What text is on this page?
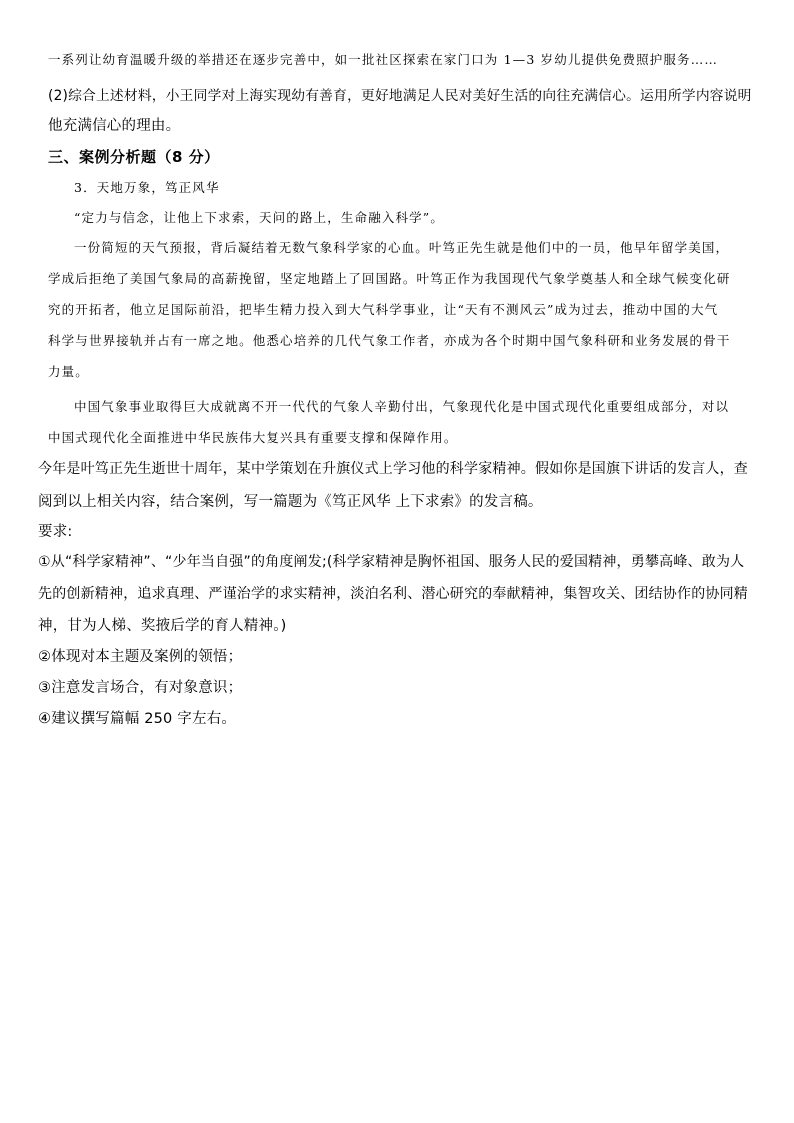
一系列让幼育温暖升级的举措还在逐步完善中，如一批社区探索在家门口为 1—3 岁幼儿提供免费照护服务……
(2)综合上述材料，小王同学对上海实现幼有善育，更好地满足人民对美好生活的向往充满信心。运用所学内容说明
他充满信心的理由。
三、案例分析题（8 分）
3．天地万象，笃正风华
“定力与信念，让他上下求索，天问的路上，生命融入科学”。
一份简短的天气预报，背后凝结着无数气象科学家的心血。叶笃正先生就是他们中的一员，他早年留学美国，
学成后拒绝了美国气象局的高薪挽留，坚定地踏上了回国路。叶笃正作为我国现代气象学奠基人和全球气候变化研
究的开拓者，他立足国际前沿，把毕生精力投入到大气科学事业，让“天有不测风云”成为过去，推动中国的大气
科学与世界接轨并占有一席之地。他悉心培养的几代气象工作者，亦成为各个时期中国气象科研和业务发展的骨干
力量。
中国气象事业取得巨大成就离不开一代代的气象人辛勤付出，气象现代化是中国式现代化重要组成部分，对以
中国式现代化全面推进中华民族伟大复兴具有重要支撑和保障作用。
今年是叶笃正先生逝世十周年，某中学策划在升旗仪式上学习他的科学家精神。假如你是国旗下讲话的发言人，查
阅到以上相关内容，结合案例，写一篇题为《笃正风华 上下求索》的发言稿。
要求:
①从“科学家精神”、“少年当自强”的角度阐发;(科学家精神是胸怀祖国、服务人民的爱国精神，勇攀高峰、敢为人
先的创新精神，追求真理、严谨治学的求实精神，淡泊名利、潜心研究的奉献精神，集智攻关、团结协作的协同精
神，甘为人梯、奖掖后学的育人精神。)
②体现对本主题及案例的领悟；
③注意发言场合，有对象意识；
④建议撰写篇幅 250 字左右。
